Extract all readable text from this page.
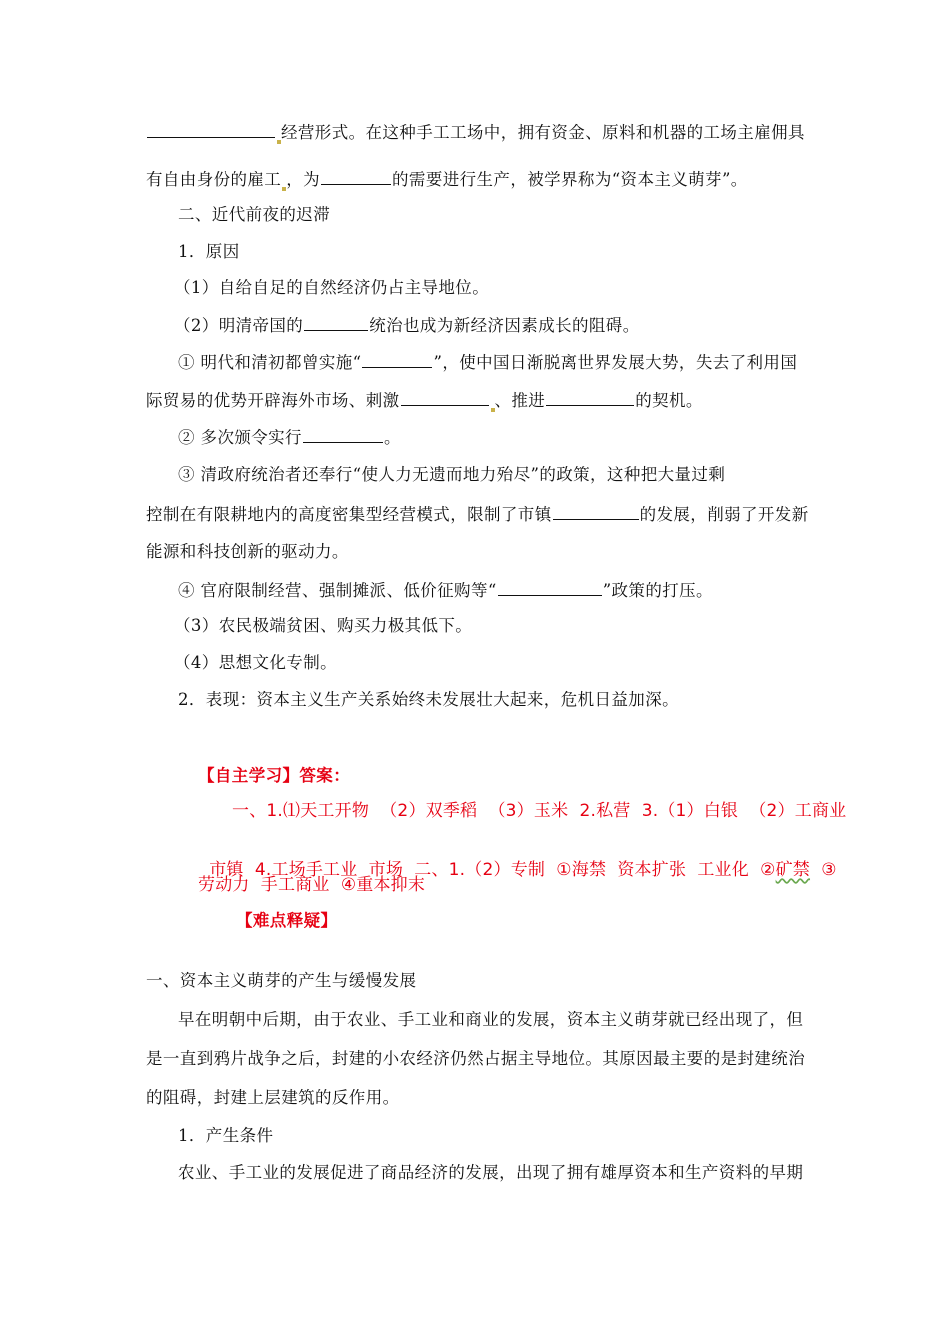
经营形式。在这种手工工场中，拥有资金、原料和机器的工场主雇佣具
有自由身份的雇工 ，为	的需要进行生产，被学界称为“资本主义萌芽”。
二、近代前夜的迟滞
1．原因
（1）自给自足的自然经济仍占主导地位。
（2）明清帝国的	统治也成为新经济因素成长的阻碍。
① 明代和清初都曾实施“	”，使中国日渐脱离世界发展大势，失去了利用国
际贸易的优势开辟海外市场、刺激	、推进	的契机。
② 多次颁令实行	。
③ 清政府统治者还奉行“使人力无遗而地力殆尽”的政策，这种把大量过剩
控制在有限耕地内的高度密集型经营模式，限制了市镇	的发展，削弱了开发新
能源和科技创新的驱动力。
④ 官府限制经营、强制摊派、低价征购等“	”政策的打压。
（3）农民极端贫困、购买力极其低下。
（4）思想文化专制。
2．表现：资本主义生产关系始终未发展壮大起来，危机日益加深。
【自主学习】答案：
一、1.⑴天工开物  （2）双季稻  （3）玉米  2.私营  3.（1）白银  （2）工商业

市镇  4.工场手工业  市场  二、1.（2）专制  ①海禁  资本扩张  工业化  ②矿禁  ③

劳动力  手工商业  ④重本抑末
【难点释疑】
一、资本主义萌芽的产生与缓慢发展
早在明朝中后期，由于农业、手工业和商业的发展，资本主义萌芽就已经出现了，但
是一直到鸦片战争之后，封建的小农经济仍然占据主导地位。其原因最主要的是封建统治
的阻碍，封建上层建筑的反作用。
1．产生条件
农业、手工业的发展促进了商品经济的发展，出现了拥有雄厚资本和生产资料的早期
